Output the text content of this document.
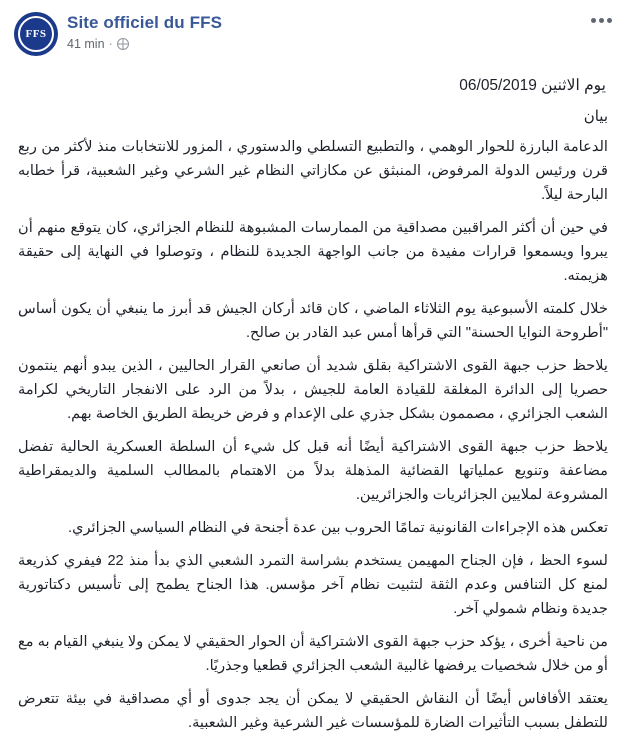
FFS
Site officiel du FFS
41 min ·
يوم الاثنين 06/05/2019
بيان

الدعامة البارزة للحوار الوهمي ، والتطبيع التسلطي والدستوري ، المزور للانتخابات منذ لأكثر من ربع قرن ورئيس الدولة المرفوض، المنبثق عن مكازاتي النظام غير الشرعي وغير الشعبية، قرأ خطابه البارحة ليلاً.

في حين أن أكثر المراقبين مصداقية من الممارسات المشبوهة للنظام الجزائري، كان يتوقع منهم أن يبروا ويسمعوا قرارات مفيدة من جانب الواجهة الجديدة للنظام ، وتوصلوا في النهاية إلى حقيقة هزيمته.

خلال كلمته الأسبوعية يوم الثلاثاء الماضي ، كان قائد أركان الجيش قد أبرز ما ينبغي أن يكون أساس "أطروحة النوايا الحسنة" التي قرأها أمس عبد القادر بن صالح.

يلاحظ حزب جبهة القوى الاشتراكية بقلق شديد أن صانعي القرار الحاليين ، الذين يبدو أنهم ينتمون حصريا إلى الدائرة المغلقة للقيادة العامة للجيش ، بدلاً من الرد على الانفجار التاريخي لكرامة الشعب الجزائري ، مصممون بشكل جذري على الإعدام و فرض خريطة الطريق الخاصة بهم.

يلاحظ حزب جبهة القوى الاشتراكية أيضًا أنه قبل كل شيء أن السلطة العسكرية الحالية تفضل مضاعفة وتنويع عملياتها القضائية المذهلة بدلاً من الاهتمام بالمطالب السلمية والديمقراطية المشروعة لملايين الجزائريات والجزائريين.

تعكس هذه الإجراءات القانونية تمامًا الحروب بين عدة أجنحة في النظام السياسي الجزائري.

لسوء الحظ ، فإن الجناح المهيمن يستخدم بشراسة التمرد الشعبي الذي بدأ منذ 22 فيفري كذريعة لمنع كل التنافس وعدم الثقة لتثبيت نظام آخر مؤسس. هذا الجناح يطمح إلى تأسيس دكتاتورية جديدة ونظام شمولي آخر.

من ناحية أخرى ، يؤكد حزب جبهة القوى الاشتراكية أن الحوار الحقيقي لا يمكن ولا ينبغي القيام به مع أو من خلال شخصيات يرفضها غالبية الشعب الجزائري قطعيا وجذريًا.

يعتقد الأفافاس أيضًا أن النقاش الحقيقي لا يمكن أن يجد جدوى أو أي مصداقية في بيئة تتعرض للتطفل بسبب التأثيرات الضارة للمؤسسات غير الشرعية وغير الشعبية.
